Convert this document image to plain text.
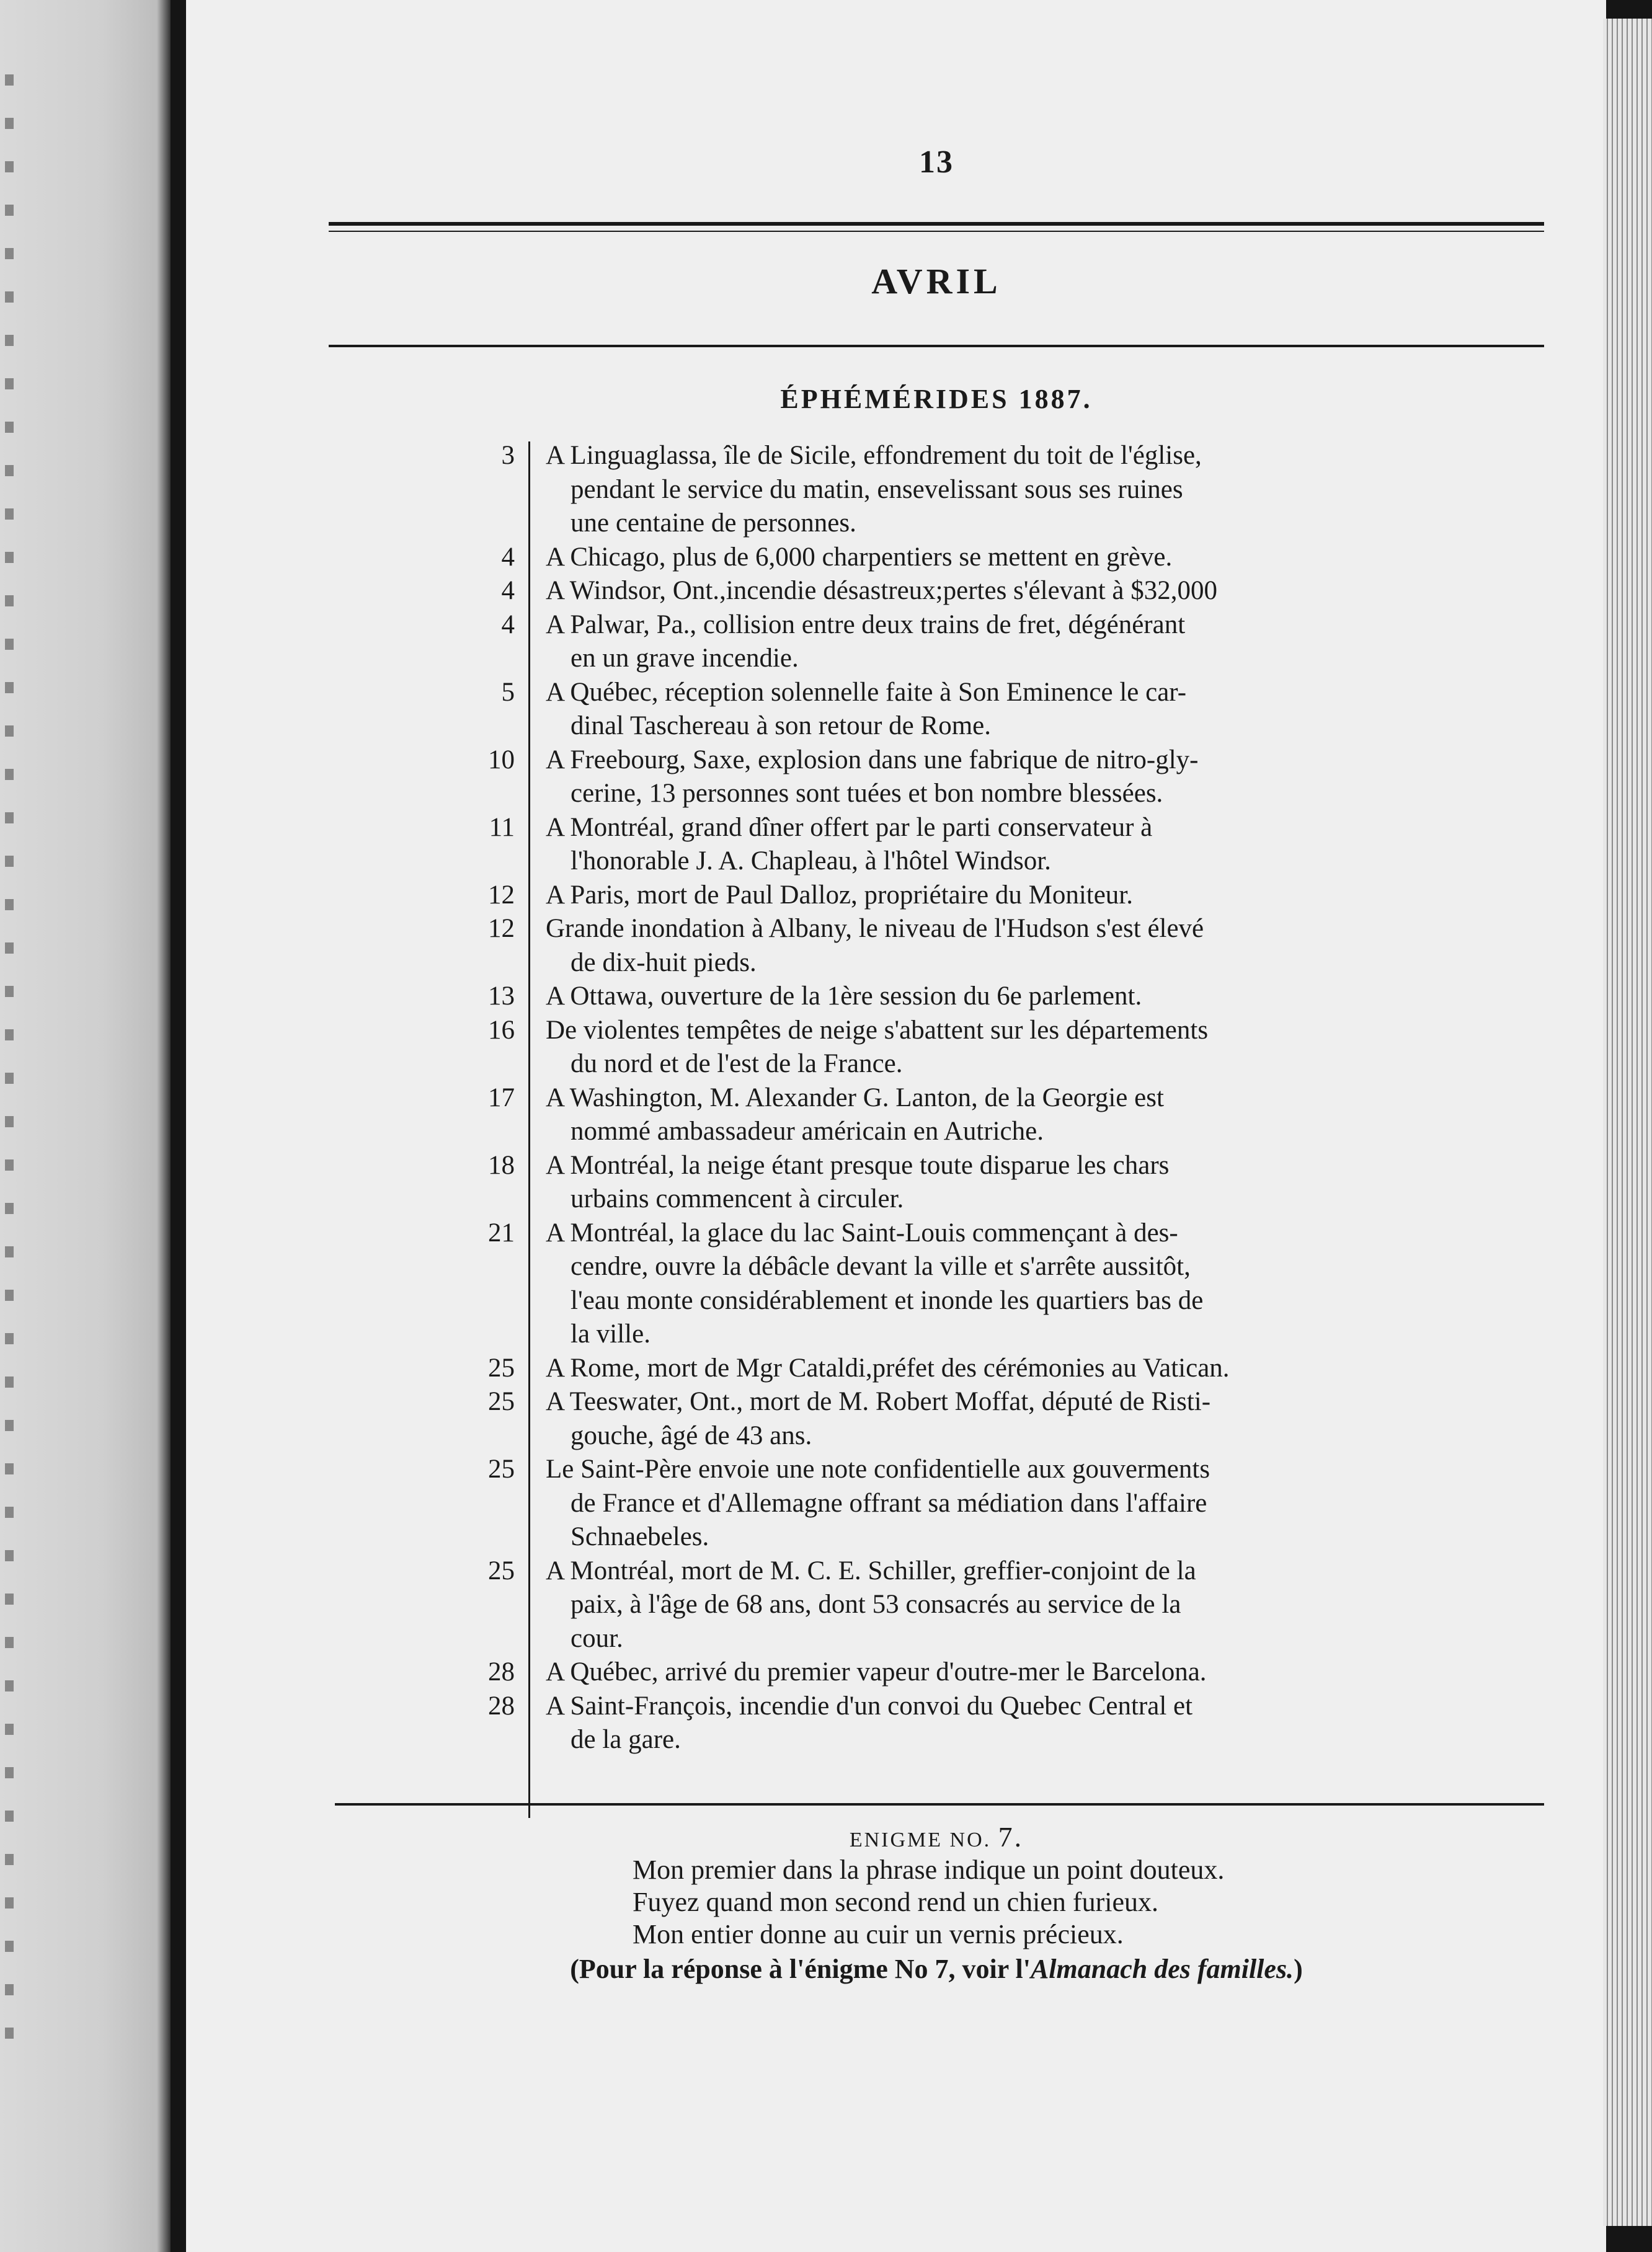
13
AVRIL
ÉPHÉMÉRIDES 1887.
3 A Linguaglassa, île de Sicile, effondrement du toit de l'église,
pendant le service du matin, ensevelissant sous ses ruines
une centaine de personnes.
4 A Chicago, plus de 6,000 charpentiers se mettent en grève.
4 A Windsor, Ont.,incendie désastreux;pertes s'élevant à $32,000
4 A Palwar, Pa., collision entre deux trains de fret, dégénérant
en un grave incendie.
5 A Québec, réception solennelle faite à Son Eminence le car-
dinal Taschereau à son retour de Rome.
10 A Freebourg, Saxe, explosion dans une fabrique de nitro-gly-
cerine, 13 personnes sont tuées et bon nombre blessées.
11 A Montréal, grand dîner offert par le parti conservateur à
l'honorable J. A. Chapleau, à l'hôtel Windsor.
12 A Paris, mort de Paul Dalloz, propriétaire du Moniteur.
12 Grande inondation à Albany, le niveau de l'Hudson s'est élevé
de dix-huit pieds.
13 A Ottawa, ouverture de la 1ère session du 6e parlement.
16 De violentes tempêtes de neige s'abattent sur les départements
du nord et de l'est de la France.
17 A Washington, M. Alexander G. Lanton, de la Georgie est
nommé ambassadeur américain en Autriche.
18 A Montréal, la neige étant presque toute disparue les chars
urbains commencent à circuler.
21 A Montréal, la glace du lac Saint-Louis commençant à des-
cendre, ouvre la débâcle devant la ville et s'arrête aussitôt,
l'eau monte considérablement et inonde les quartiers bas de
la ville.
25 A Rome, mort de Mgr Cataldi,préfet des cérémonies au Vatican.
25 A Teeswater, Ont., mort de M. Robert Moffat, député de Risti-
gouche, âgé de 43 ans.
25 Le Saint-Père envoie une note confidentielle aux gouverments
de France et d'Allemagne offrant sa médiation dans l'affaire
Schnaebeles.
25 A Montréal, mort de M. C. E. Schiller, greffier-conjoint de la
paix, à l'âge de 68 ans, dont 53 consacrés au service de la
cour.
28 A Québec, arrivé du premier vapeur d'outre-mer le Barcelona.
28 A Saint-François, incendie d'un convoi du Quebec Central et
de la gare.
ENIGME NO. 7.
Mon premier dans la phrase indique un point douteux.
Fuyez quand mon second rend un chien furieux.
Mon entier donne au cuir un vernis précieux.
(Pour la réponse à l'énigme No 7, voir l'Almanach des familles.)
